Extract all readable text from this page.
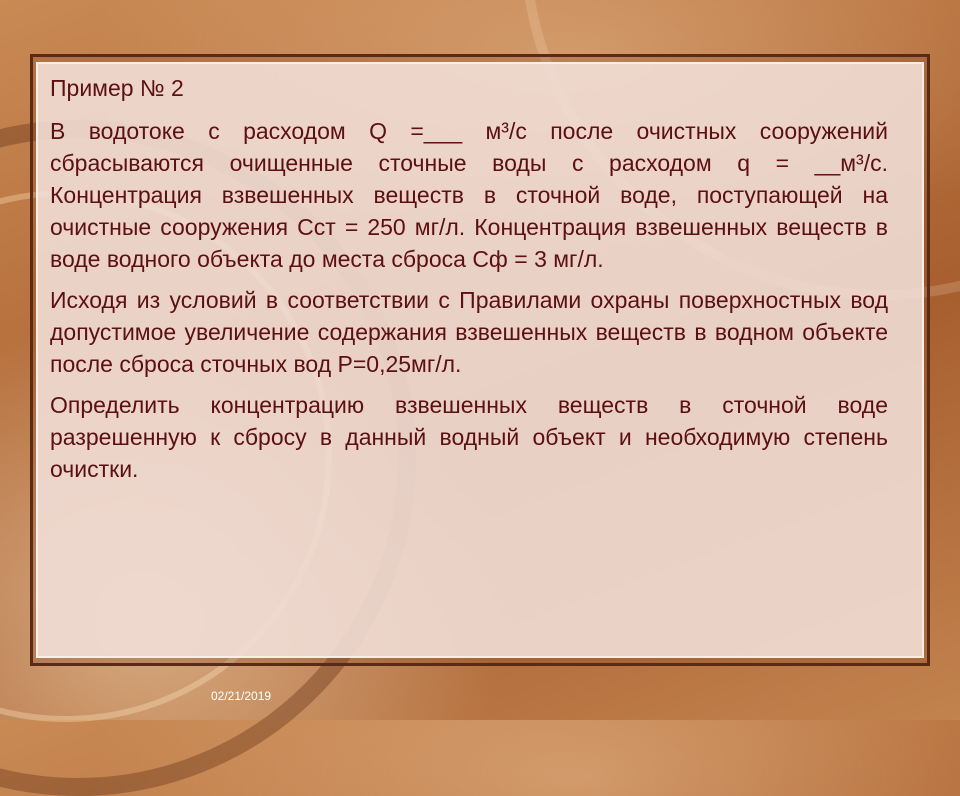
Пример № 2

В водотоке с расходом Q =___ м³/с после очистных сооружений сбрасываются очищенные сточные воды с расходом q = __м³/с. Концентрация взвешенных веществ в сточной воде, поступающей на очистные сооружения Сст = 250 мг/л. Концентрация взвешенных веществ в воде водного объекта до места сброса Сф = 3 мг/л.

Исходя из условий в соответствии с Правилами охраны поверхностных вод допустимое увеличение содержания взвешенных веществ в водном объекте после сброса сточных вод Р=0,25мг/л.

Определить концентрацию взвешенных веществ в сточной воде разрешенную к сбросу в данный водный объект и необходимую степень очистки.

02/21/2019
